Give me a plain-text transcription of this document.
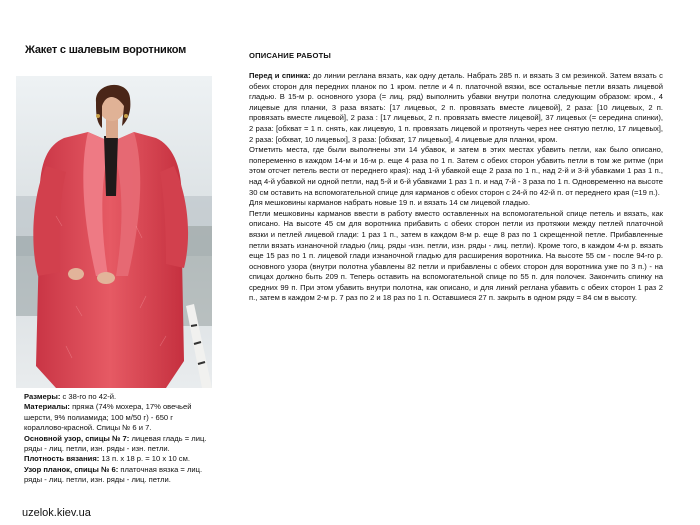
Жакет с шалевым воротником

Размеры: с 38-го по 42-й.

Материалы: пряжа (74% мохера, 17% овечьей шерсти, 9% полиамида; 100 м/50 г) - 650 г кораллово-красной. Спицы № 6 и 7.

Основной узор, спицы № 7: лицевая гладь = лиц. ряды - лиц. петли, изн. ряды - изн. петли.

Плотность вязания: 13 п. х 18 р. = 10 х 10 см.

Узор планок, спицы № 6: платочная вязка = лиц. ряды - лиц. петли, изн. ряды - лиц. петли.

ОПИСАНИЕ РАБОТЫ
Перед и спинка: до линии реглана вязать, как одну деталь. Набрать 285 п. и вязать 3 см резинкой. Затем вязать с обеих сторон для передних планок по 1 кром. петле и 4 п. платочной вязки, все остальные петли вязать лицевой гладью. В 15-м р. основного узора (= лиц. ряд) выполнить убавки внутри полотна следующим образом: кром., 4 лицевые для планки, 3 раза вязать: [17 лицевых, 2 п. провязать вместе лицевой], 2 раза: [10 лицевых, 2 п. провязать вместе лицевой], 2 раза : [17 лицевых, 2 п. провязать вместе лицевой], 37 лицевых (= середина спинки), 2 раза: [обхват = 1 п. снять, как лицевую, 1 п. провязать лицевой и протянуть через нее снятую петлю, 17 лицевых], 2 раза: [обхват, 10 лицевых], 3 раза: [обхват, 17 лицевых], 4 лицевые для планки, кром.
Отметить места, где были выполнены эти 14 убавок, и затем в этих местах убавить петли, как было описано, попеременно в каждом 14-м и 16-м р. еще 4 раза по 1 п. Затем с обеих сторон убавить петли в том же ритме (при этом отсчет петель вести от переднего края): над 1-й убавкой еще 2 раза по 1 п., над 2-й и 3-й убавками 1 раз 1 п., над 4-й убавкой ни одной петли, над 5-й и 6-й убавками 1 раз 1 п. и над 7-й - 3 раза по 1 п. Одновременно на высоте 30 см оставить на вспомогательной спице для карманов с обеих сторон с 24-й по 42-й п. от переднего края (=19 п.).
Для мешковины карманов набрать новые 19 п. и вязать 14 см лицевой гладью.
Петли мешковины карманов ввести в работу вместо оставленных на вспомогательной спице петель и вязать, как описано. На высоте 45 см для воротника прибавить с обеих сторон петли из протяжки между петлей платочной вязки и петлей лицевой глади: 1 раз 1 п., затем в каждом 8-м р. еще 8 раз по 1 скрещенной петле. Прибавленные петли вязать изнаночной гладью (лиц. ряды -изн. петли, изн. ряды - лиц. петли). Кроме того, в каждом 4-м р. вязать еще 15 раз по 1 п. лицевой глади изнаночной гладью для расширения воротника. На высоте 55 см - после 94-го р. основного узора (внутри полотна убавлены 82 петли и прибавлены с обеих сторон для воротника уже по 3 п.) - на спицах должно быть 209 п. Теперь оставить на вспомогательной спице по 55 п. для полочек. Закончить спинку на средних 99 п. При этом убавить внутри полотна, как описано, и для линий реглана убавить с обеих сторон 1 раз 2 п., затем в каждом 2-м р. 7 раз по 2 и 18 раз по 1 п. Оставшиеся 27 п. закрыть в одном ряду = 84 см в высоту.
uzelok.kiev.ua
